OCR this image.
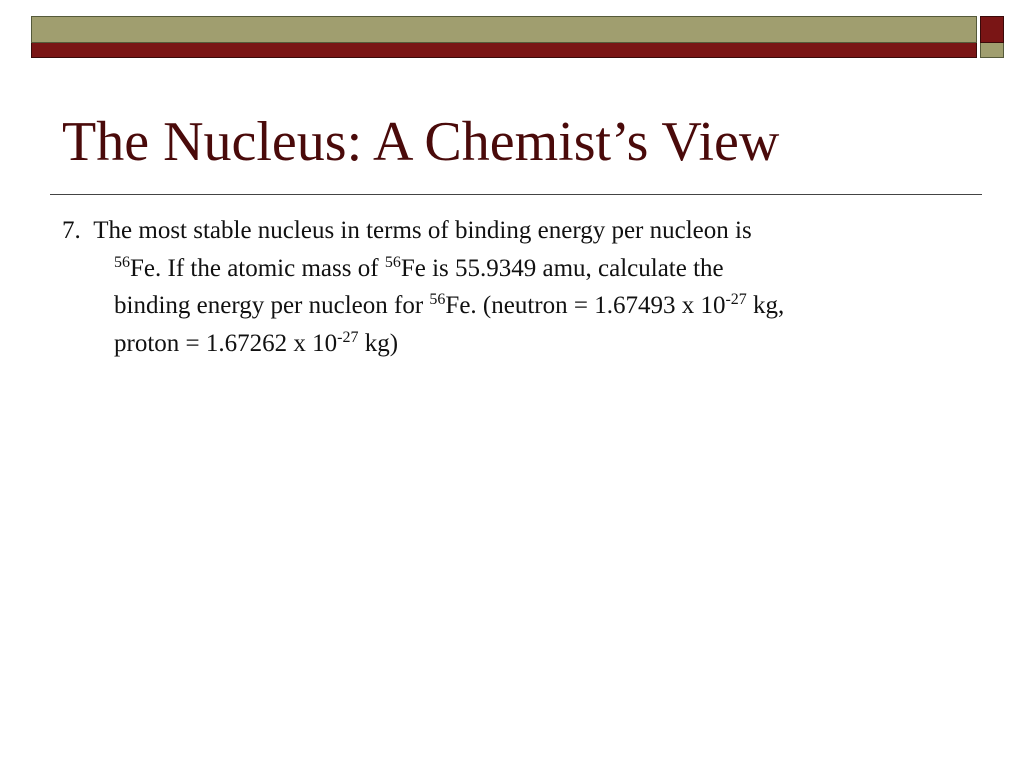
The Nucleus: A Chemist’s View
7. The most stable nucleus in terms of binding energy per nucleon is
$^{56}$Fe. If the atomic mass of $^{56}$Fe is 55.9349 amu, calculate the
binding energy per nucleon for $^{56}$Fe. (neutron = 1.67493 x $10^{-27}$ kg,
proton = 1.67262 x $10^{-27}$ kg)
